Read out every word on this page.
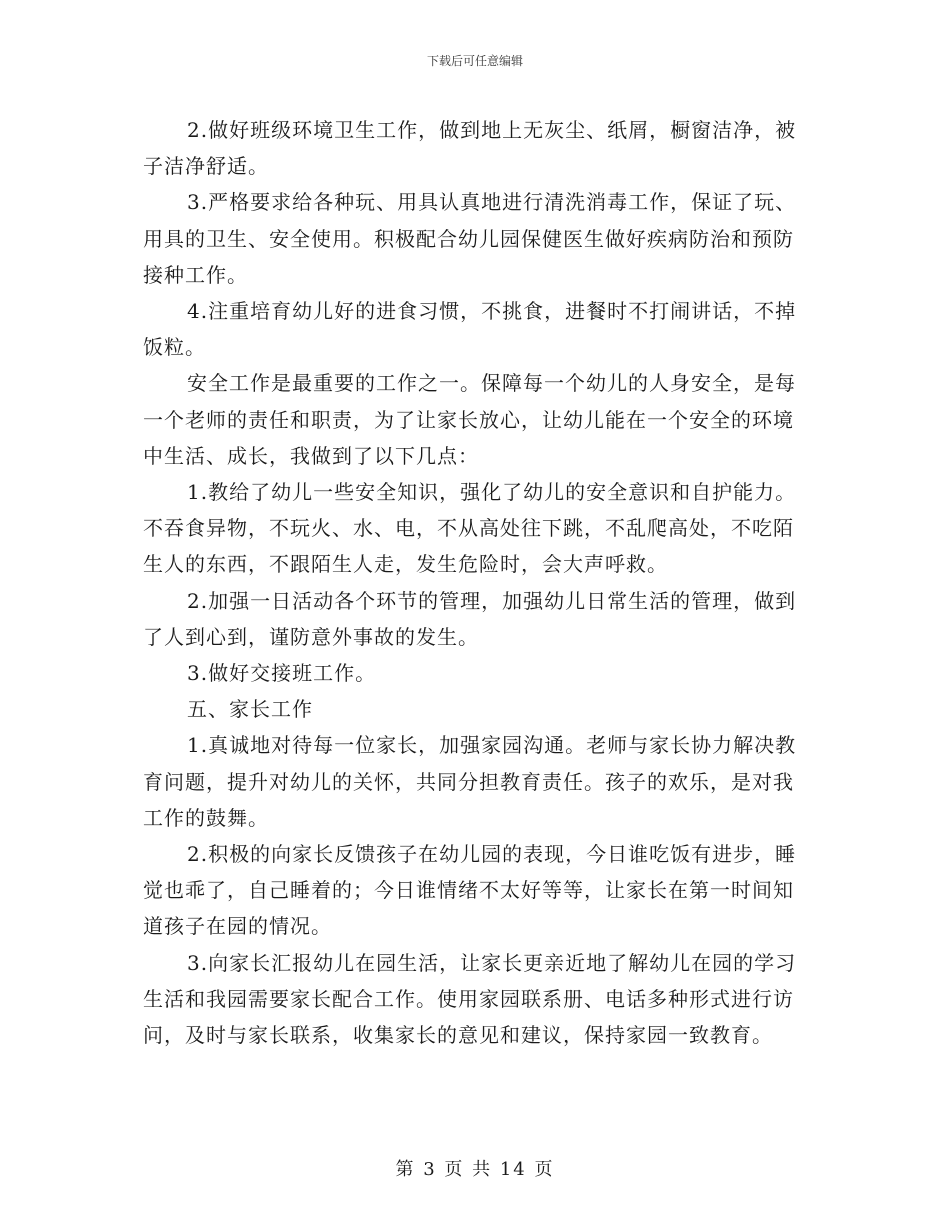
下载后可任意编辑

2.做好班级环境卫生工作，做到地上无灰尘、纸屑，橱窗洁净，被子洁净舒适。

3.严格要求给各种玩、用具认真地进行清洗消毒工作，保证了玩、用具的卫生、安全使用。积极配合幼儿园保健医生做好疾病防治和预防接种工作。

4.注重培育幼儿好的进食习惯，不挑食，进餐时不打闹讲话，不掉饭粒。

安全工作是最重要的工作之一。保障每一个幼儿的人身安全，是每一个老师的责任和职责，为了让家长放心，让幼儿能在一个安全的环境中生活、成长，我做到了以下几点：

1.教给了幼儿一些安全知识，强化了幼儿的安全意识和自护能力。不吞食异物，不玩火、水、电，不从高处往下跳，不乱爬高处，不吃陌生人的东西，不跟陌生人走，发生危险时，会大声呼救。

2.加强一日活动各个环节的管理，加强幼儿日常生活的管理，做到了人到心到，谨防意外事故的发生。

3.做好交接班工作。

五、家长工作

1.真诚地对待每一位家长，加强家园沟通。老师与家长协力解决教育问题，提升对幼儿的关怀，共同分担教育责任。孩子的欢乐，是对我工作的鼓舞。

2.积极的向家长反馈孩子在幼儿园的表现，今日谁吃饭有进步，睡觉也乖了，自己睡着的；今日谁情绪不太好等等，让家长在第一时间知道孩子在园的情况。

3.向家长汇报幼儿在园生活，让家长更亲近地了解幼儿在园的学习生活和我园需要家长配合工作。使用家园联系册、电话多种形式进行访问，及时与家长联系，收集家长的意见和建议，保持家园一致教育。

第 3 页 共 14 页
